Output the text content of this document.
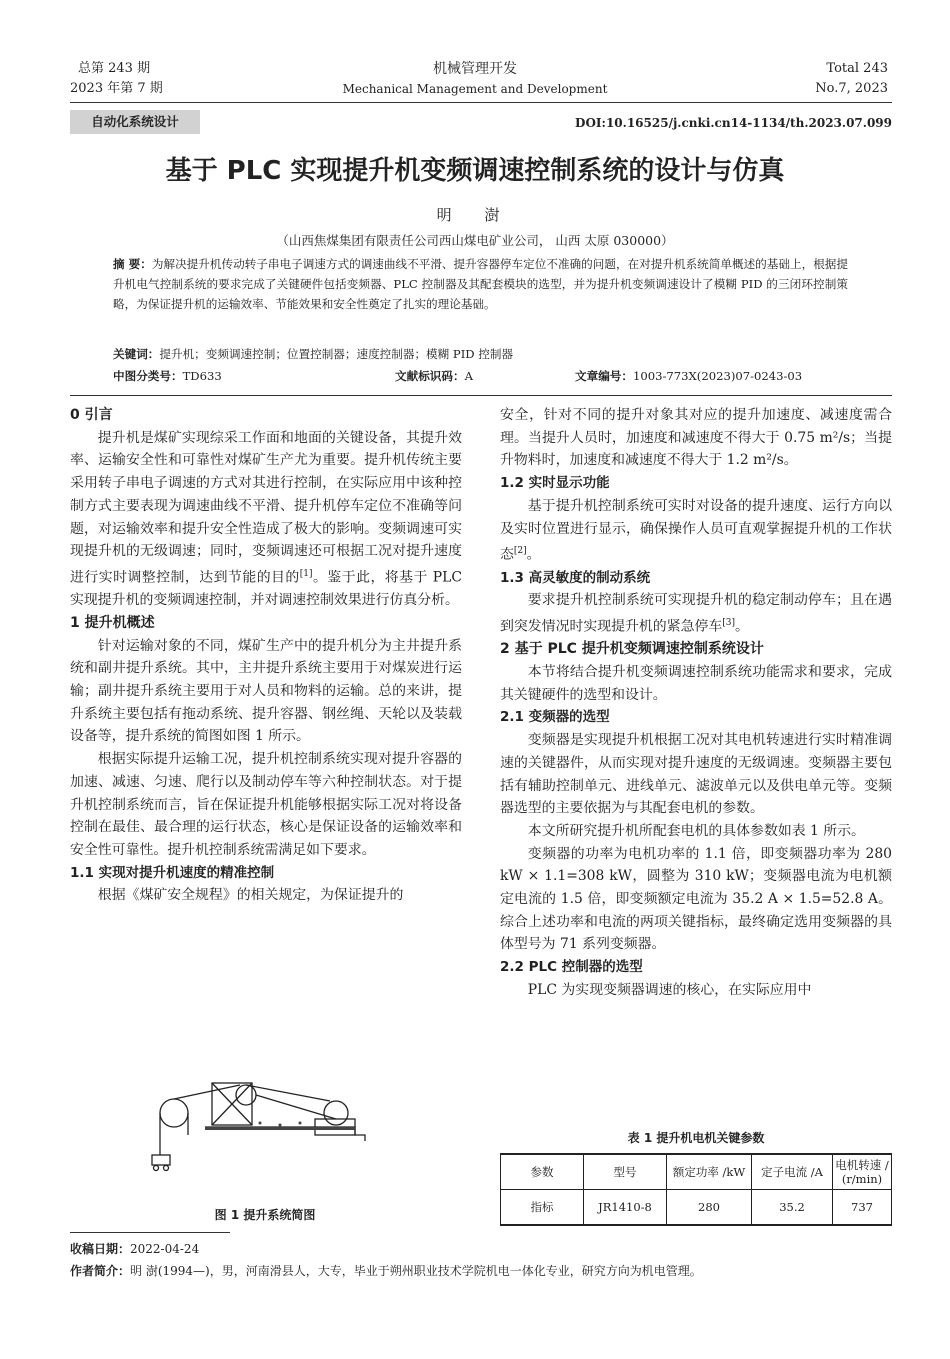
总第 243 期
2023 年第 7 期
机械管理开发
Mechanical Management and Development
Total 243
No.7, 2023
自动化系统设计	DOI:10.16525/j.cnki.cn14-1134/th.2023.07.099
基于 PLC 实现提升机变频调速控制系统的设计与仿真
明 澍
（山西焦煤集团有限责任公司西山煤电矿业公司， 山西 太原 030000）
摘 要：为解决提升机传动转子串电子调速方式的调速曲线不平滑、提升容器停车定位不准确的问题，在对提升机系统简单概述的基础上，根据提升机电气控制系统的要求完成了关键硬件包括变频器、PLC 控制器及其配套模块的选型，并为提升机变频调速设计了模糊 PID 的三闭环控制策略，为保证提升机的运输效率、节能效果和安全性奠定了扎实的理论基础。
关键词：提升机；变频调速控制；位置控制器；速度控制器；模糊 PID 控制器
中图分类号：TD633	文献标识码：A	文章编号：1003-773X(2023)07-0243-03

0 引言

提升机是煤矿实现综采工作面和地面的关键设备，其提升效率、运输安全性和可靠性对煤矿生产尤为重要。提升机传统主要采用转子串电子调速的方式对其进行控制，在实际应用中该种控制方式主要表现为调速曲线不平滑、提升机停车定位不准确等问题，对运输效率和提升安全性造成了极大的影响。变频调速可实现提升机的无级调速；同时，变频调速还可根据工况对提升速度进行实时调整控制，达到节能的目的[1]。鉴于此，将基于 PLC 实现提升机的变频调速控制，并对调速控制效果进行仿真分析。

1 提升机概述

针对运输对象的不同，煤矿生产中的提升机分为主井提升系统和副井提升系统。其中，主井提升系统主要用于对煤炭进行运输；副井提升系统主要用于对人员和物料的运输。总的来讲，提升系统主要包括有拖动系统、提升容器、钢丝绳、天轮以及装载设备等，提升系统的简图如图 1 所示。

根据实际提升运输工况，提升机控制系统实现对提升容器的加速、减速、匀速、爬行以及制动停车等六种控制状态。对于提升机控制系统而言，旨在保证提升机能够根据实际工况对将设备控制在最佳、最合理的运行状态，核心是保证设备的运输效率和安全性可靠性。提升机控制系统需满足如下要求。

1.1 实现对提升机速度的精准控制

根据《煤矿安全规程》的相关规定，为保证提升的

图 1 提升系统简图

安全，针对不同的提升对象其对应的提升加速度、减速度需合理。当提升人员时，加速度和减速度不得大于 0.75 m²/s；当提升物料时，加速度和减速度不得大于 1.2 m²/s。

1.2 实时显示功能

基于提升机控制系统可实时对设备的提升速度、运行方向以及实时位置进行显示，确保操作人员可直观掌握提升机的工作状态[2]。

1.3 高灵敏度的制动系统

要求提升机控制系统可实现提升机的稳定制动停车；且在遇到突发情况时实现提升机的紧急停车[3]。

2 基于 PLC 提升机变频调速控制系统设计

本节将结合提升机变频调速控制系统功能需求和要求，完成其关键硬件的选型和设计。

2.1 变频器的选型

变频器是实现提升机根据工况对其电机转速进行实时精准调速的关键器件，从而实现对提升速度的无级调速。变频器主要包括有辅助控制单元、进线单元、滤波单元以及供电单元等。变频器选型的主要依据为与其配套电机的参数。

本文所研究提升机所配套电机的具体参数如表 1 所示。

变频器的功率为电机功率的 1.1 倍，即变频器功率为 280 kW × 1.1=308 kW，圆整为 310 kW；变频器电流为电机额定电流的 1.5 倍，即变频额定电流为 35.2 A × 1.5=52.8 A。综合上述功率和电流的两项关键指标，最终确定选用变频器的具体型号为 71 系列变频器。

2.2 PLC 控制器的选型

PLC 为实现变频器调速的核心，在实际应用中

表 1 提升机电机关键参数
参数	型号	额定功率 /kW	定子电流 /A	电机转速 / (r/min)
指标	JR1410-8	280	35.2	737
收稿日期：2022-04-24
作者简介：明 澍(1994—)，男，河南滑县人，大专，毕业于朔州职业技术学院机电一体化专业，研究方向为机电管理。
